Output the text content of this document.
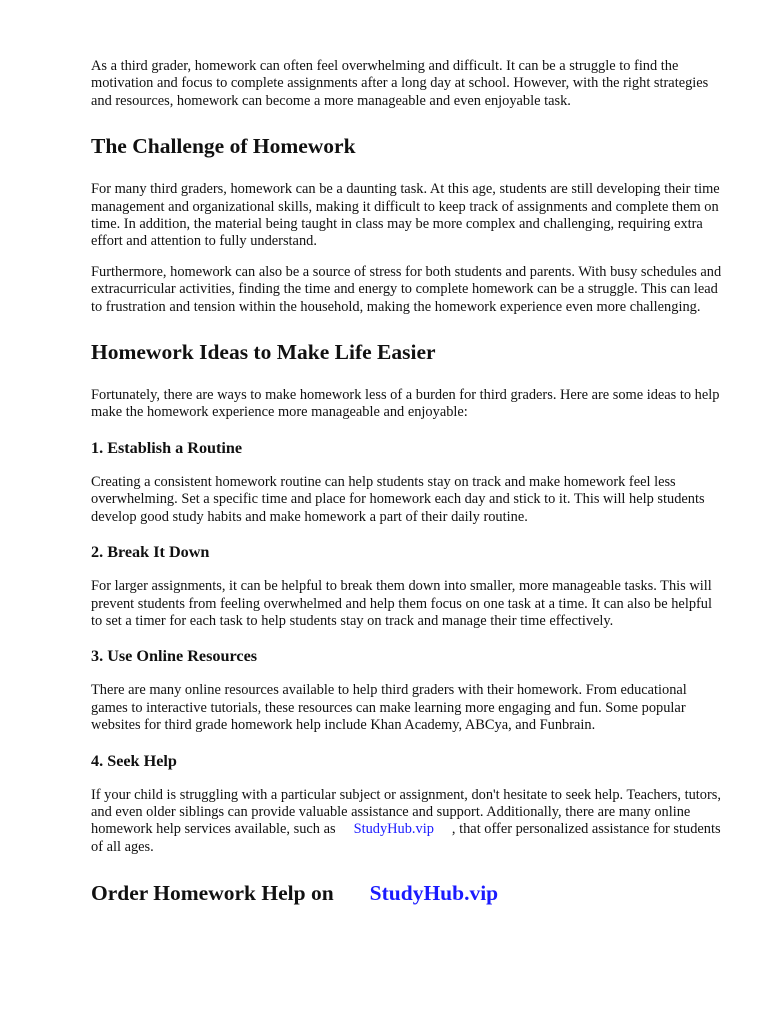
As a third grader, homework can often feel overwhelming and difficult. It can be a struggle to find the motivation and focus to complete assignments after a long day at school. However, with the right strategies and resources, homework can become a more manageable and even enjoyable task.

The Challenge of Homework

For many third graders, homework can be a daunting task. At this age, students are still developing their time management and organizational skills, making it difficult to keep track of assignments and complete them on time. In addition, the material being taught in class may be more complex and challenging, requiring extra effort and attention to fully understand.

Furthermore, homework can also be a source of stress for both students and parents. With busy schedules and extracurricular activities, finding the time and energy to complete homework can be a struggle. This can lead to frustration and tension within the household, making the homework experience even more challenging.

Homework Ideas to Make Life Easier

Fortunately, there are ways to make homework less of a burden for third graders. Here are some ideas to help make the homework experience more manageable and enjoyable:

1. Establish a Routine

Creating a consistent homework routine can help students stay on track and make homework feel less overwhelming. Set a specific time and place for homework each day and stick to it. This will help students develop good study habits and make homework a part of their daily routine.

2. Break It Down

For larger assignments, it can be helpful to break them down into smaller, more manageable tasks. This will prevent students from feeling overwhelmed and help them focus on one task at a time. It can also be helpful to set a timer for each task to help students stay on track and manage their time effectively.

3. Use Online Resources

There are many online resources available to help third graders with their homework. From educational games to interactive tutorials, these resources can make learning more engaging and fun. Some popular websites for third grade homework help include Khan Academy, ABCya, and Funbrain.

4. Seek Help

If your child is struggling with a particular subject or assignment, don't hesitate to seek help. Teachers, tutors, and even older siblings can provide valuable assistance and support. Additionally, there are many online homework help services available, such as StudyHub.vip , that offer personalized assistance for students of all ages.

Order Homework Help on StudyHub.vip
